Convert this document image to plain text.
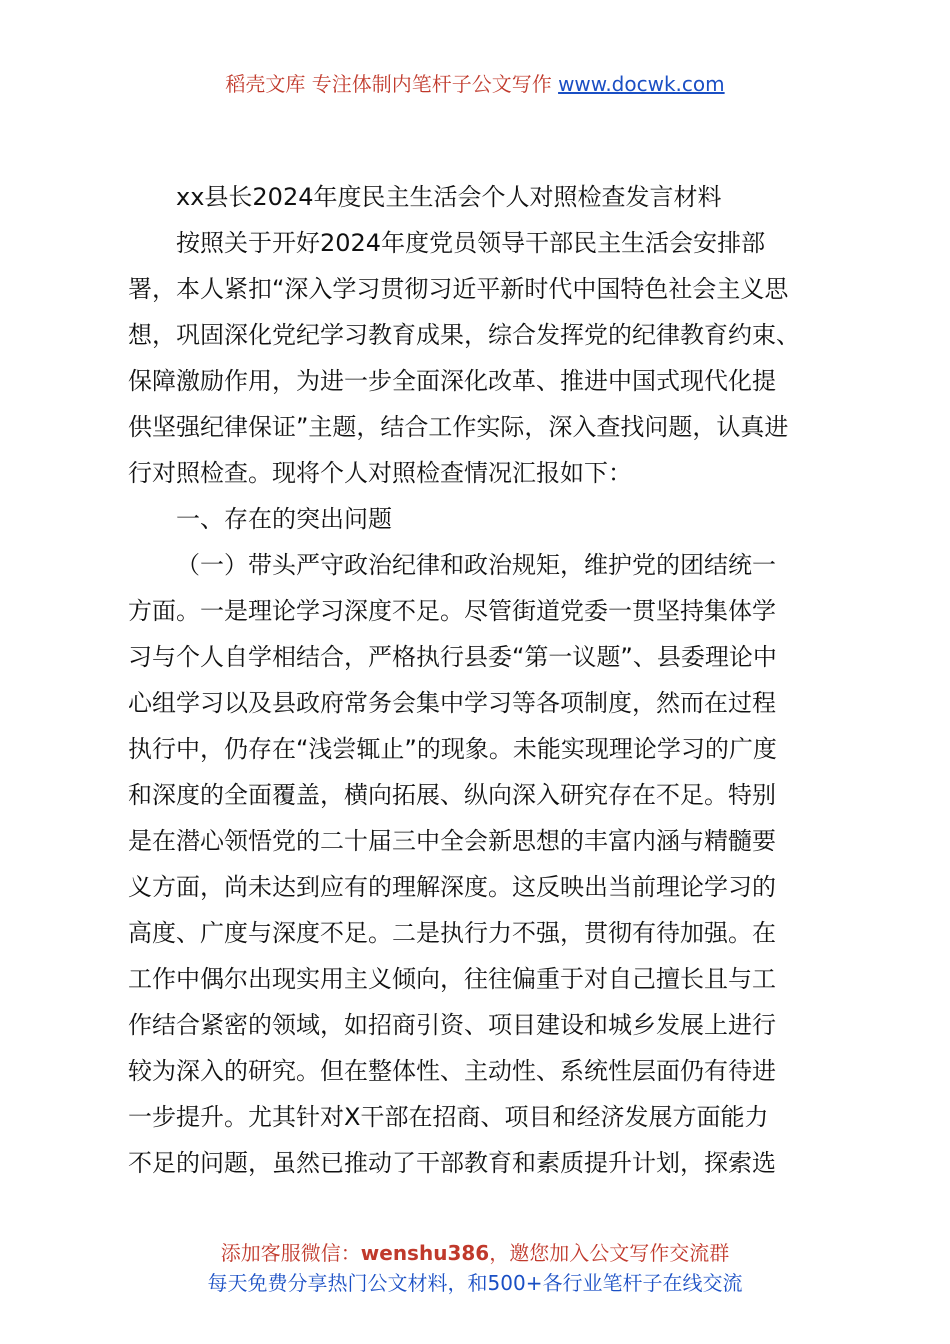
稻壳文库 专注体制内笔杆子公文写作 www.docwk.com
xx县长2024年度民主生活会个人对照检查发言材料
按照关于开好2024年度党员领导干部民主生活会安排部
署，本人紧扣“深入学习贯彻习近平新时代中国特色社会主义思
想，巩固深化党纪学习教育成果，综合发挥党的纪律教育约束、
保障激励作用，为进一步全面深化改革、推进中国式现代化提
供坚强纪律保证”主题，结合工作实际，深入查找问题，认真进
行对照检查。现将个人对照检查情况汇报如下：
一、存在的突出问题
（一）带头严守政治纪律和政治规矩，维护党的团结统一
方面。一是理论学习深度不足。尽管街道党委一贯坚持集体学
习与个人自学相结合，严格执行县委“第一议题”、县委理论中
心组学习以及县政府常务会集中学习等各项制度，然而在过程
执行中，仍存在“浅尝辄止”的现象。未能实现理论学习的广度
和深度的全面覆盖，横向拓展、纵向深入研究存在不足。特别
是在潜心领悟党的二十届三中全会新思想的丰富内涵与精髓要
义方面，尚未达到应有的理解深度。这反映出当前理论学习的
高度、广度与深度不足。二是执行力不强，贯彻有待加强。在
工作中偶尔出现实用主义倾向，往往偏重于对自己擅长且与工
作结合紧密的领域，如招商引资、项目建设和城乡发展上进行
较为深入的研究。但在整体性、主动性、系统性层面仍有待进
一步提升。尤其针对X干部在招商、项目和经济发展方面能力
不足的问题，虽然已推动了干部教育和素质提升计划，探索选
添加客服微信：wenshu386，邀您加入公文写作交流群
每天免费分享热门公文材料，和500+各行业笔杆子在线交流
